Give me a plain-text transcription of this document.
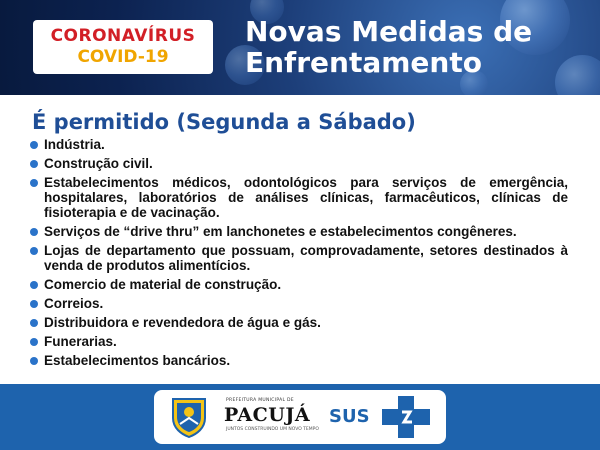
CORONAVÍRUS
COVID-19
Novas Medidas de
Enfrentamento
É permitido (Segunda a Sábado)
Indústria.
Construção civil.
Estabelecimentos médicos, odontológicos para serviços de emergência, hospitalares, laboratórios de análises clínicas, farmacêuticos, clínicas de fisioterapia e de vacinação.
Serviços de “drive thru” em lanchonetes e estabelecimentos congêneres.
Lojas de departamento que possuam, comprovadamente, setores destinados à venda de produtos alimentícios.
Comercio de material de construção.
Correios.
Distribuidora e revendedora de água e gás.
Funerarias.
Estabelecimentos bancários.
PREFEITURA MUNICIPAL DE
PACUJÁ
JUNTOS CONSTRUINDO UM NOVO TEMPO
SUS
